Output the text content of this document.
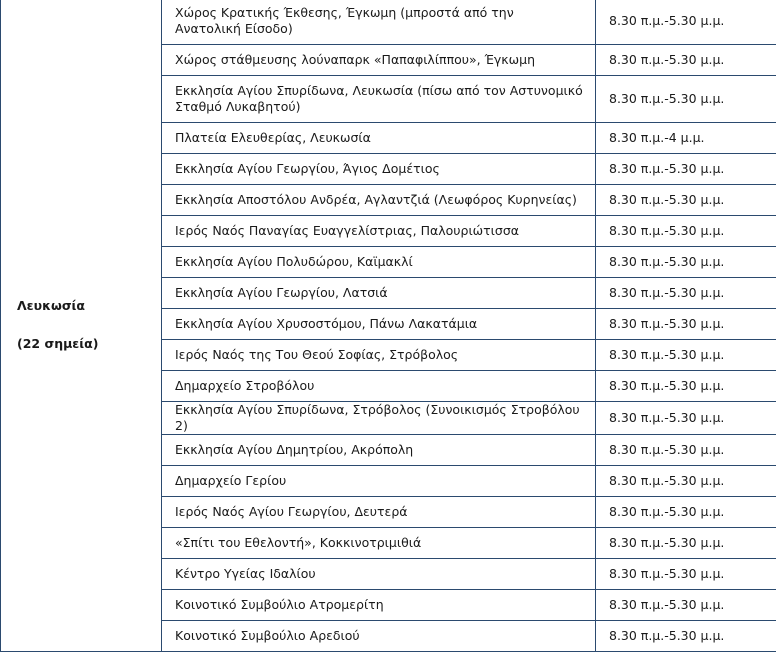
Λευκωσία
(22 σημεία)	Χώρος Κρατικής Έκθεσης, Έγκωμη (μπροστά από την Ανατολική Είσοδο)	8.30 π.μ.-5.30 μ.μ.
	Χώρος στάθμευσης λούναπαρκ «Παπαφιλίππου», Έγκωμη	8.30 π.μ.-5.30 μ.μ.
	Εκκλησία Αγίου Σπυρίδωνα, Λευκωσία (πίσω από τον Αστυνομικό Σταθμό Λυκαβητού)	8.30 π.μ.-5.30 μ.μ.
	Πλατεία Ελευθερίας, Λευκωσία	8.30 π.μ.-4 μ.μ.
	Εκκλησία Αγίου Γεωργίου, Άγιος Δομέτιος	8.30 π.μ.-5.30 μ.μ.
	Εκκλησία Αποστόλου Ανδρέα, Αγλαντζιά (Λεωφόρος Κυρηνείας)	8.30 π.μ.-5.30 μ.μ.
	Ιερός Ναός Παναγίας Ευαγγελίστριας, Παλουριώτισσα	8.30 π.μ.-5.30 μ.μ.
	Εκκλησία Αγίου Πολυδώρου, Καϊμακλί	8.30 π.μ.-5.30 μ.μ.
	Εκκλησία Αγίου Γεωργίου, Λατσιά	8.30 π.μ.-5.30 μ.μ.
	Εκκλησία Αγίου Χρυσοστόμου, Πάνω Λακατάμια	8.30 π.μ.-5.30 μ.μ.
	Ιερός Ναός της Του Θεού Σοφίας, Στρόβολος	8.30 π.μ.-5.30 μ.μ.
	Δημαρχείο Στροβόλου	8.30 π.μ.-5.30 μ.μ.
	Εκκλησία Αγίου Σπυρίδωνα, Στρόβολος (Συνοικισμός Στροβόλου 2)	8.30 π.μ.-5.30 μ.μ.
	Εκκλησία Αγίου Δημητρίου, Ακρόπολη	8.30 π.μ.-5.30 μ.μ.
	Δημαρχείο Γερίου	8.30 π.μ.-5.30 μ.μ.
	Ιερός Ναός Αγίου Γεωργίου, Δευτερά	8.30 π.μ.-5.30 μ.μ.
	«Σπίτι του Εθελοντή», Κοκκινοτριμιθιά	8.30 π.μ.-5.30 μ.μ.
	Κέντρο Υγείας Ιδαλίου	8.30 π.μ.-5.30 μ.μ.
	Κοινοτικό Συμβούλιο Ατρομερίτη	8.30 π.μ.-5.30 μ.μ.
	Κοινοτικό Συμβούλιο Αρεδιού	8.30 π.μ.-5.30 μ.μ.
